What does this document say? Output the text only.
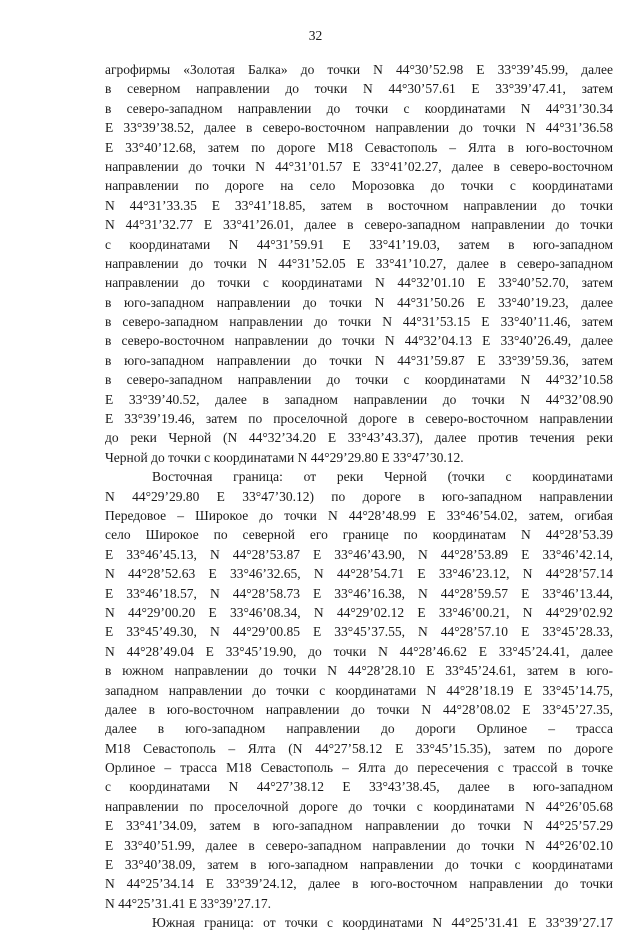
32
агрофирмы «Золотая Балка» до точки N 44°30’52.98 E 33°39’45.99, далее
в северном направлении до точки N 44°30’57.61 E 33°39’47.41, затем
в северо-западном направлении до точки с координатами N 44°31’30.34
E 33°39’38.52, далее в северо-восточном направлении до точки N 44°31’36.58
E 33°40’12.68, затем по дороге М18 Севастополь – Ялта в юго-восточном
направлении до точки N 44°31’01.57 E 33°41’02.27, далее в северо-восточном
направлении по дороге на село Морозовка до точки с координатами
N 44°31’33.35 E 33°41’18.85, затем в восточном направлении до точки
N 44°31’32.77 E 33°41’26.01, далее в северо-западном направлении до точки
с координатами N 44°31’59.91 E 33°41’19.03, затем в юго-западном
направлении до точки N 44°31’52.05 E 33°41’10.27, далее в северо-западном
направлении до точки с координатами N 44°32’01.10 E 33°40’52.70, затем
в юго-западном направлении до точки N 44°31’50.26 E 33°40’19.23, далее
в северо-западном направлении до точки N 44°31’53.15 E 33°40’11.46, затем
в северо-восточном направлении до точки N 44°32’04.13 E 33°40’26.49, далее
в юго-западном направлении до точки N 44°31’59.87 E 33°39’59.36, затем
в северо-западном направлении до точки с координатами N 44°32’10.58
E 33°39’40.52, далее в западном направлении до точки N 44°32’08.90
E 33°39’19.46, затем по проселочной дороге в северо-восточном направлении
до реки Черной (N 44°32’34.20 E 33°43’43.37), далее против течения реки
Черной до точки с координатами N 44°29’29.80 E 33°47’30.12.
Восточная граница: от реки Черной (точки с координатами
N 44°29’29.80 E 33°47’30.12) по дороге в юго-западном направлении
Передовое – Широкое до точки N 44°28’48.99 E 33°46’54.02, затем, огибая
село Широкое по северной его границе по координатам N 44°28’53.39
E 33°46’45.13, N 44°28’53.87 E 33°46’43.90, N 44°28’53.89 E 33°46’42.14,
N 44°28’52.63 E 33°46’32.65, N 44°28’54.71 E 33°46’23.12, N 44°28’57.14
E 33°46’18.57, N 44°28’58.73 E 33°46’16.38, N 44°28’59.57 E 33°46’13.44,
N 44°29’00.20 E 33°46’08.34, N 44°29’02.12 E 33°46’00.21, N 44°29’02.92
E 33°45’49.30, N 44°29’00.85 E 33°45’37.55, N 44°28’57.10 E 33°45’28.33,
N 44°28’49.04 E 33°45’19.90, до точки N 44°28’46.62 E 33°45’24.41, далее
в южном направлении до точки N 44°28’28.10 E 33°45’24.61, затем в юго-
западном направлении до точки с координатами N 44°28’18.19 E 33°45’14.75,
далее в юго-восточном направлении до точки N 44°28’08.02 E 33°45’27.35,
далее в юго-западном направлении до дороги Орлиное – трасса
М18 Севастополь – Ялта (N 44°27’58.12 E 33°45’15.35), затем по дороге
Орлиное – трасса М18 Севастополь – Ялта до пересечения с трассой в точке
с координатами N 44°27’38.12 E 33°43’38.45, далее в юго-западном
направлении по проселочной дороге до точки с координатами N 44°26’05.68
E 33°41’34.09, затем в юго-западном направлении до точки N 44°25’57.29
E 33°40’51.99, далее в северо-западном направлении до точки N 44°26’02.10
E 33°40’38.09, затем в юго-западном направлении до точки с координатами
N 44°25’34.14 E 33°39’24.12, далее в юго-восточном направлении до точки
N 44°25’31.41 E 33°39’27.17.
Южная граница: от точки с координатами N 44°25’31.41 E 33°39’27.17
